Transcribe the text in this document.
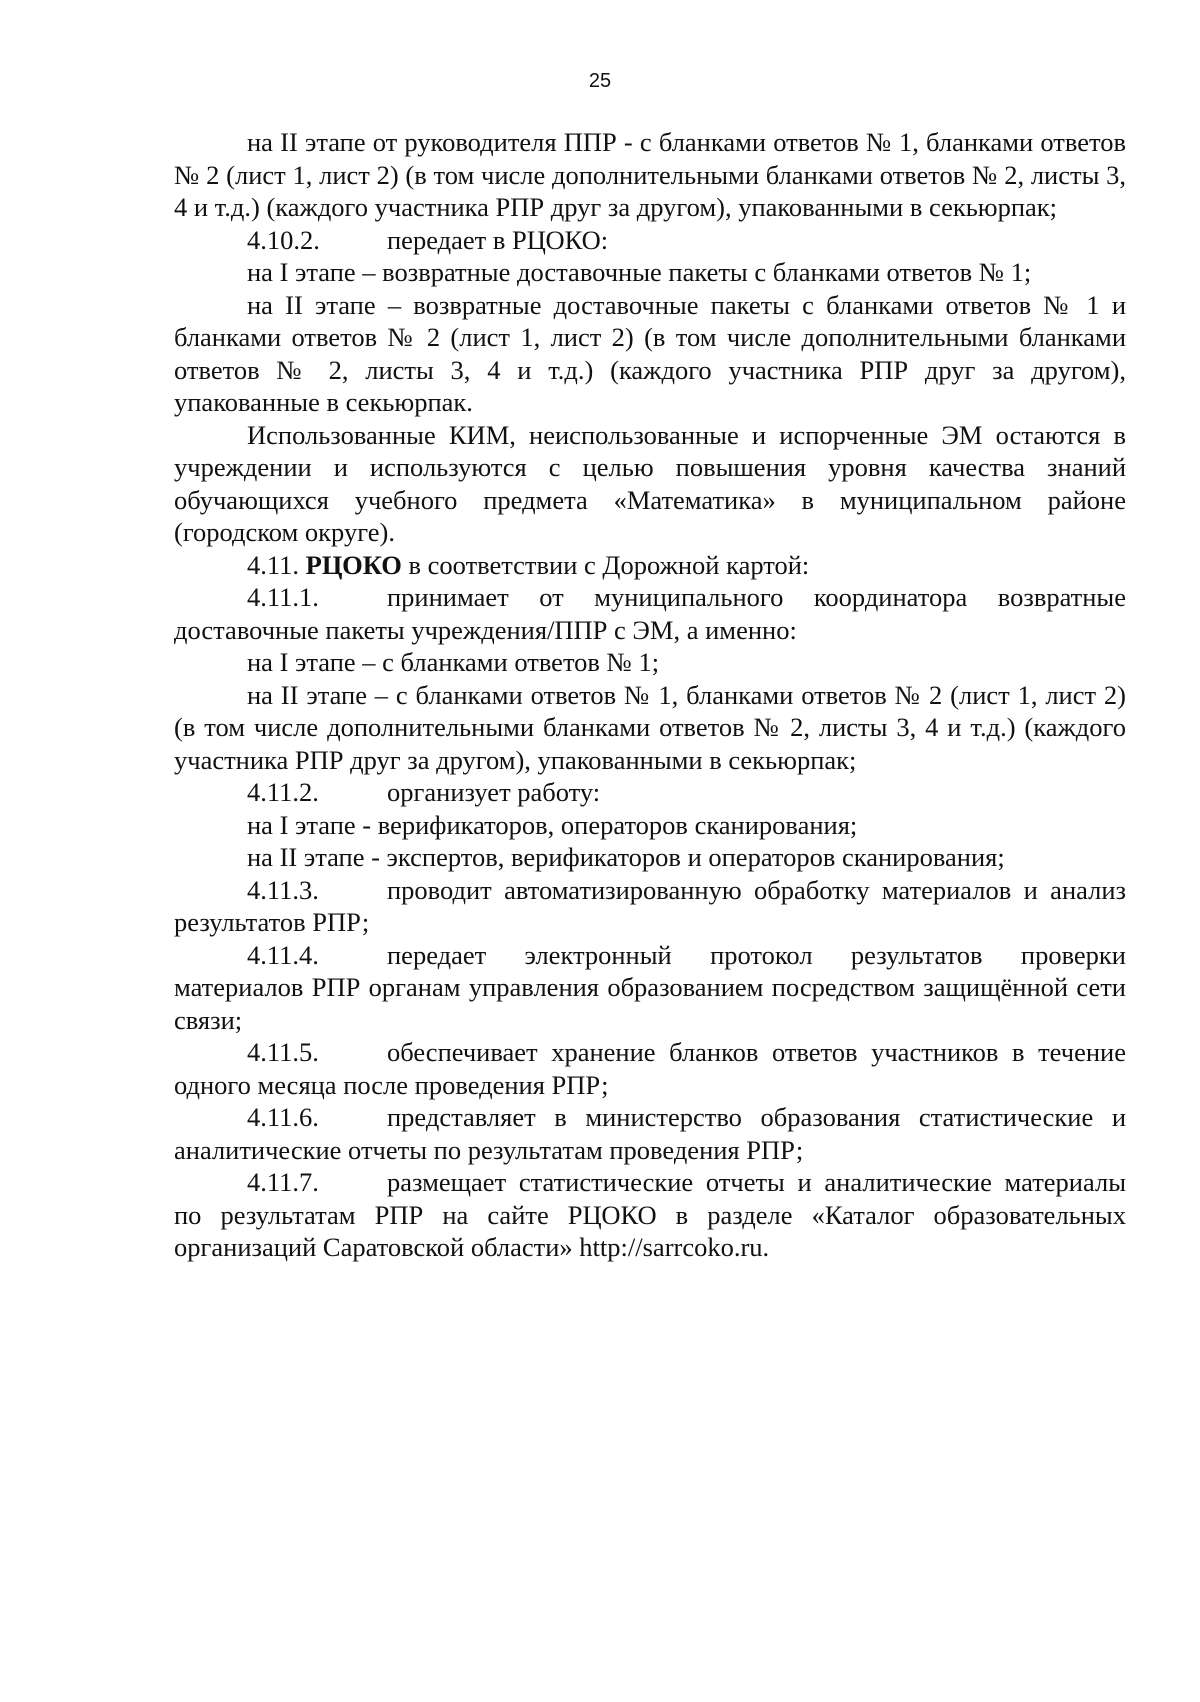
25

на II этапе от руководителя ППР - с бланками ответов № 1, бланками ответов № 2 (лист 1, лист 2) (в том числе дополнительными бланками ответов № 2, листы 3, 4 и т.д.) (каждого участника РПР друг за другом), упакованными в секьюрпак;

4.10.2.	передает в РЦОКО:

на I этапе – возвратные доставочные пакеты с бланками ответов № 1;

на II этапе – возвратные доставочные пакеты с бланками ответов № 1 и бланками ответов № 2 (лист 1, лист 2) (в том числе дополнительными бланками ответов № 2, листы 3, 4 и т.д.) (каждого участника РПР друг за другом), упакованные в секьюрпак.

Использованные КИМ, неиспользованные и испорченные ЭМ остаются в учреждении и используются с целью повышения уровня качества знаний обучающихся учебного предмета «Математика» в муниципальном районе (городском округе).

4.11. РЦОКО в соответствии с Дорожной картой:

4.11.1.	принимает от муниципального координатора возвратные доставочные пакеты учреждения/ППР с ЭМ, а именно:

на I этапе – с бланками ответов № 1;

на II этапе – с бланками ответов № 1, бланками ответов № 2 (лист 1, лист 2) (в том числе дополнительными бланками ответов № 2, листы 3, 4 и т.д.) (каждого участника РПР друг за другом), упакованными в секьюрпак;

4.11.2.	организует работу:

на I этапе - верификаторов, операторов сканирования;

на II этапе - экспертов, верификаторов и операторов сканирования;

4.11.3.	проводит автоматизированную обработку материалов и анализ результатов РПР;

4.11.4.	передает электронный протокол результатов проверки материалов РПР органам управления образованием посредством защищённой сети связи;

4.11.5.	обеспечивает хранение бланков ответов участников в течение одного месяца после проведения РПР;

4.11.6.	представляет в министерство образования статистические и аналитические отчеты по результатам проведения РПР;

4.11.7.	размещает статистические отчеты и аналитические материалы по результатам РПР на сайте РЦОКО в разделе «Каталог образовательных организаций Саратовской области» http://sarrcoko.ru.
